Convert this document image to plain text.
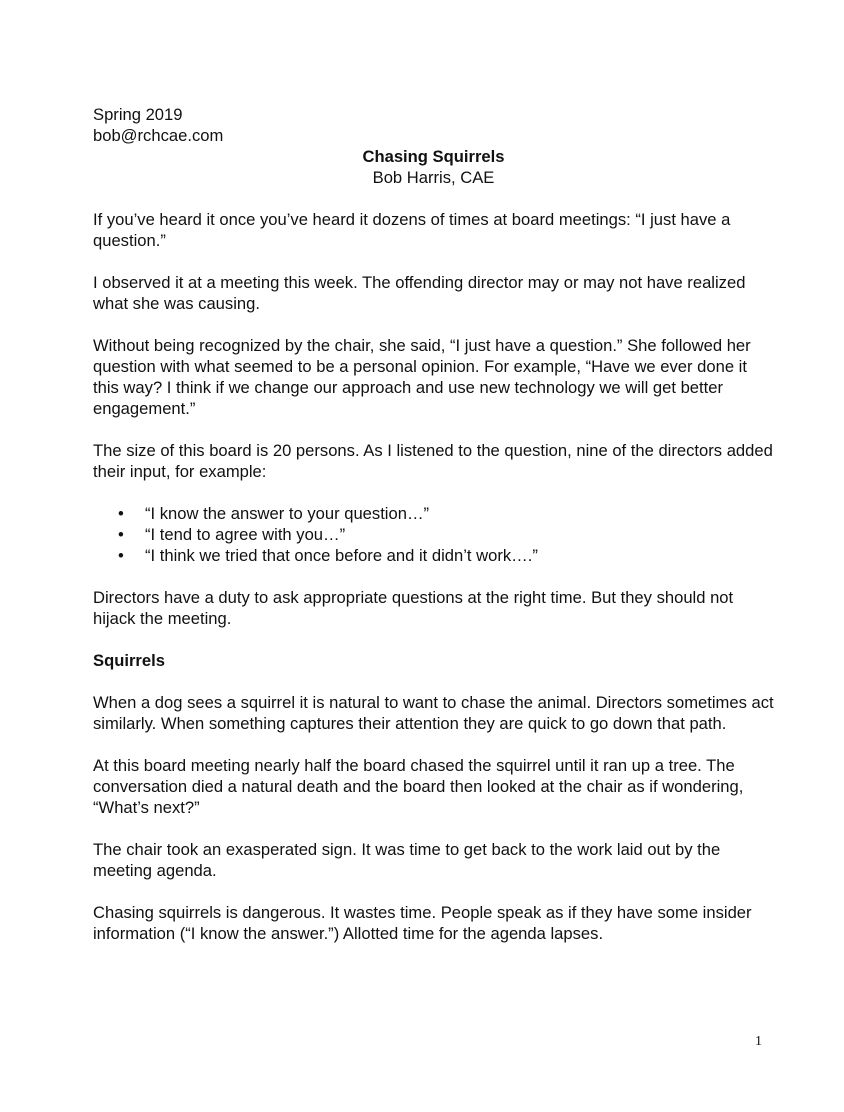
Spring 2019
bob@rchcae.com
Chasing Squirrels
Bob Harris, CAE

If you’ve heard it once you’ve heard it dozens of times at board meetings: “I just have a question.”

I observed it at a meeting this week. The offending director may or may not have realized what she was causing.

Without being recognized by the chair, she said, “I just have a question.” She followed her question with what seemed to be a personal opinion. For example, “Have we ever done it this way? I think if we change our approach and use new technology we will get better engagement.”

The size of this board is 20 persons. As I listened to the question, nine of the directors added their input, for example:

• “I know the answer to your question…”
• “I tend to agree with you…”
• “I think we tried that once before and it didn’t work….”

Directors have a duty to ask appropriate questions at the right time. But they should not hijack the meeting.

Squirrels

When a dog sees a squirrel it is natural to want to chase the animal. Directors sometimes act similarly. When something captures their attention they are quick to go down that path.

At this board meeting nearly half the board chased the squirrel until it ran up a tree. The conversation died a natural death and the board then looked at the chair as if wondering, “What’s next?”

The chair took an exasperated sign. It was time to get back to the work laid out by the meeting agenda.

Chasing squirrels is dangerous. It wastes time. People speak as if they have some insider information (“I know the answer.”) Allotted time for the agenda lapses.

1
